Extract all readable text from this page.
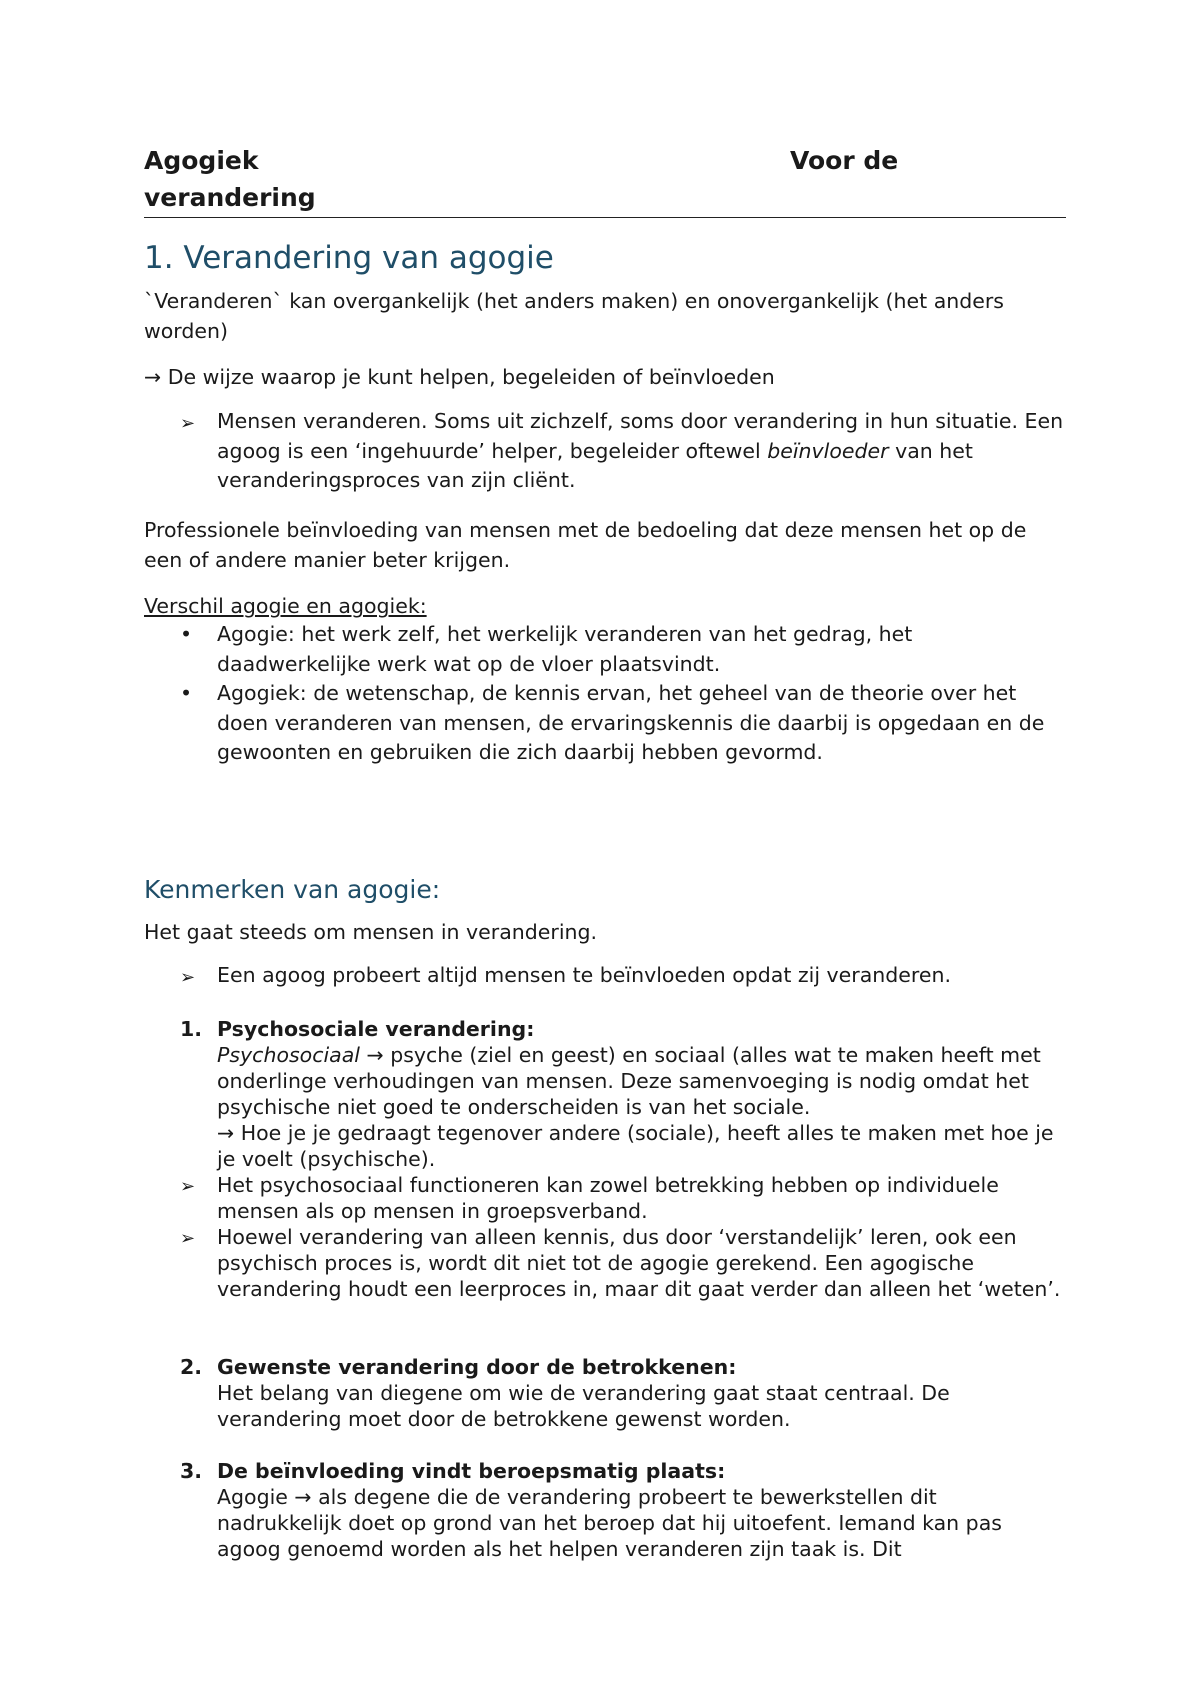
Agogiek	Voor de
verandering
1. Verandering van agogie

`Veranderen` kan overgankelijk (het anders maken) en onovergankelijk (het anders worden)

→ De wijze waarop je kunt helpen, begeleiden of beïnvloeden

➢ Mensen veranderen. Soms uit zichzelf, soms door verandering in hun situatie. Een agoog is een ‘ingehuurde’ helper, begeleider oftewel beïnvloeder van het veranderingsproces van zijn cliënt.

Professionele beïnvloeding van mensen met de bedoeling dat deze mensen het op de een of andere manier beter krijgen.

Verschil agogie en agogiek:

• Agogie: het werk zelf, het werkelijk veranderen van het gedrag, het daadwerkelijke werk wat op de vloer plaatsvindt.

• Agogiek: de wetenschap, de kennis ervan, het geheel van de theorie over het doen veranderen van mensen, de ervaringskennis die daarbij is opgedaan en de gewoonten en gebruiken die zich daarbij hebben gevormd.

Kenmerken van agogie:

Het gaat steeds om mensen in verandering.

➢ Een agoog probeert altijd mensen te beïnvloeden opdat zij veranderen.

1. Psychosociale verandering:

Psychosociaal → psyche (ziel en geest) en sociaal (alles wat te maken heeft met onderlinge verhoudingen van mensen. Deze samenvoeging is nodig omdat het psychische niet goed te onderscheiden is van het sociale.

→ Hoe je je gedraagt tegenover andere (sociale), heeft alles te maken met hoe je je voelt (psychische).

➢ Het psychosociaal functioneren kan zowel betrekking hebben op individuele mensen als op mensen in groepsverband.

➢ Hoewel verandering van alleen kennis, dus door ‘verstandelijk’ leren, ook een psychisch proces is, wordt dit niet tot de agogie gerekend. Een agogische verandering houdt een leerproces in, maar dit gaat verder dan alleen het ‘weten’.

2. Gewenste verandering door de betrokkenen:

Het belang van diegene om wie de verandering gaat staat centraal. De verandering moet door de betrokkene gewenst worden.

3. De beïnvloeding vindt beroepsmatig plaats:

Agogie → als degene die de verandering probeert te bewerkstellen dit nadrukkelijk doet op grond van het beroep dat hij uitoefent. Iemand kan pas agoog genoemd worden als het helpen veranderen zijn taak is. Dit
